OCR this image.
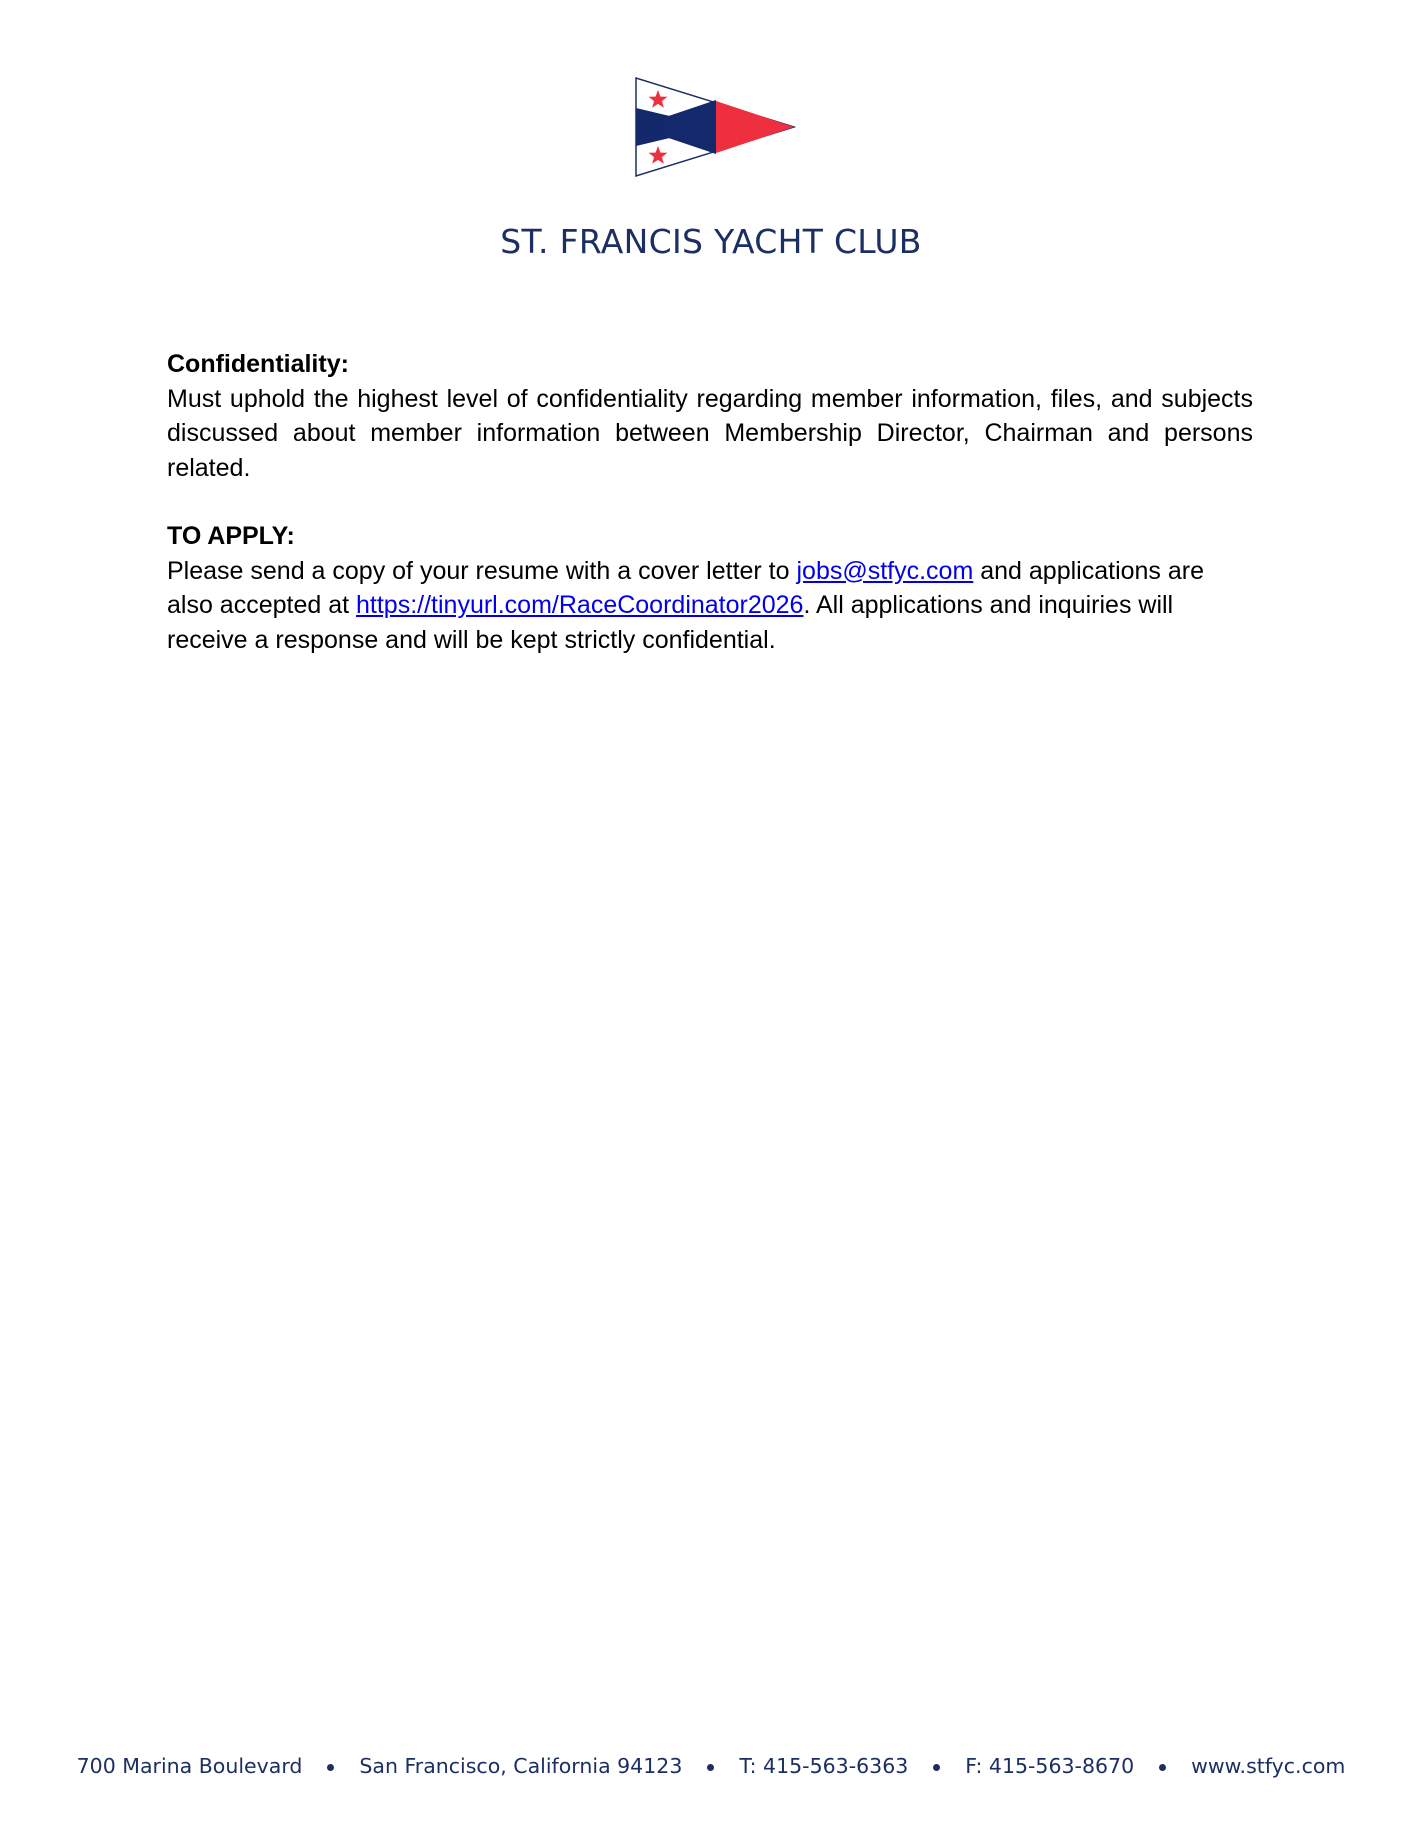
ST. FRANCIS YACHT CLUB

Confidentiality:

Must uphold the highest level of confidentiality regarding member information, files, and subjects discussed about member information between Membership Director, Chairman and persons related.

TO APPLY:

Please send a copy of your resume with a cover letter to jobs@stfyc.com and applications are also accepted at https://tinyurl.com/RaceCoordinator2026. All applications and inquiries will receive a response and will be kept strictly confidential.

700 Marina Boulevard	San Francisco, California 94123	T: 415-563-6363	F: 415-563-8670	www.stfyc.com
